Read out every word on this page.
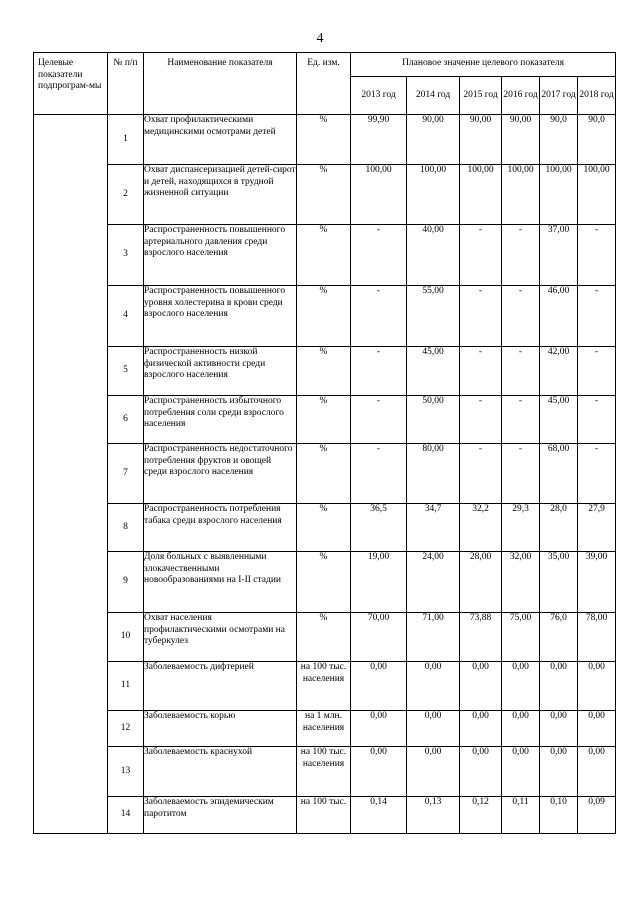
4
Целевые показатели подпрограм-мы	№ п/п	Наименование показателя	Ед. изм.	Плановое значение целевого показателя					
				2013 год	2014 год	2015 год	2016 год	2017 год	2018 год
	1	Охват профилактическими медицинскими осмотрами детей	%	99,90	90,00	90,00	90,00	90,0	90,0
	2	Охват диспансеризацией детей-сирот и детей, находящихся в трудной жизненной ситуации	%	100,00	100,00	100,00	100,00	100,00	100,00
	3	Распространенность повышенного артериального давления среди взрослого населения	%	-	40,00	-	-	37,00	-
	4	Распространенность повышенного уровня холестерина в крови среди взрослого населения	%	-	55,00	-	-	46,00	-
	5	Распространенность низкой физической активности среди взрослого населения	%	-	45,00	-	-	42,00	-
	6	Распространенность избыточного потребления соли среди взрослого населения	%	-	50,00	-	-	45,00	-
	7	Распространенность недостаточного потребления фруктов и овощей среди взрослого населения	%	-	80,00	-	-	68,00	-
	8	Распространенность потребления табака среди взрослого населения	%	36,5	34,7	32,2	29,3	28,0	27,9
	9	Доля больных с выявленными злокачественными новообразованиями на I-II стадии	%	19,00	24,00	28,00	32,00	35,00	39,00
	10	Охват населения профилактическими осмотрами на туберкулез	%	70,00	71,00	73,88	75,00	76,0	78,00
	11	Заболеваемость дифтерией	на 100 тыс. населения	0,00	0,00	0,00	0,00	0,00	0,00
	12	Заболеваемость корью	на 1 млн. населения	0,00	0,00	0,00	0,00	0,00	0,00
	13	Заболеваемость краснухой	на 100 тыс. населения	0,00	0,00	0,00	0,00	0,00	0,00
	14	Заболеваемость эпидемическим паротитом	на 100 тыс.	0,14	0,13	0,12	0,11	0,10	0,09
